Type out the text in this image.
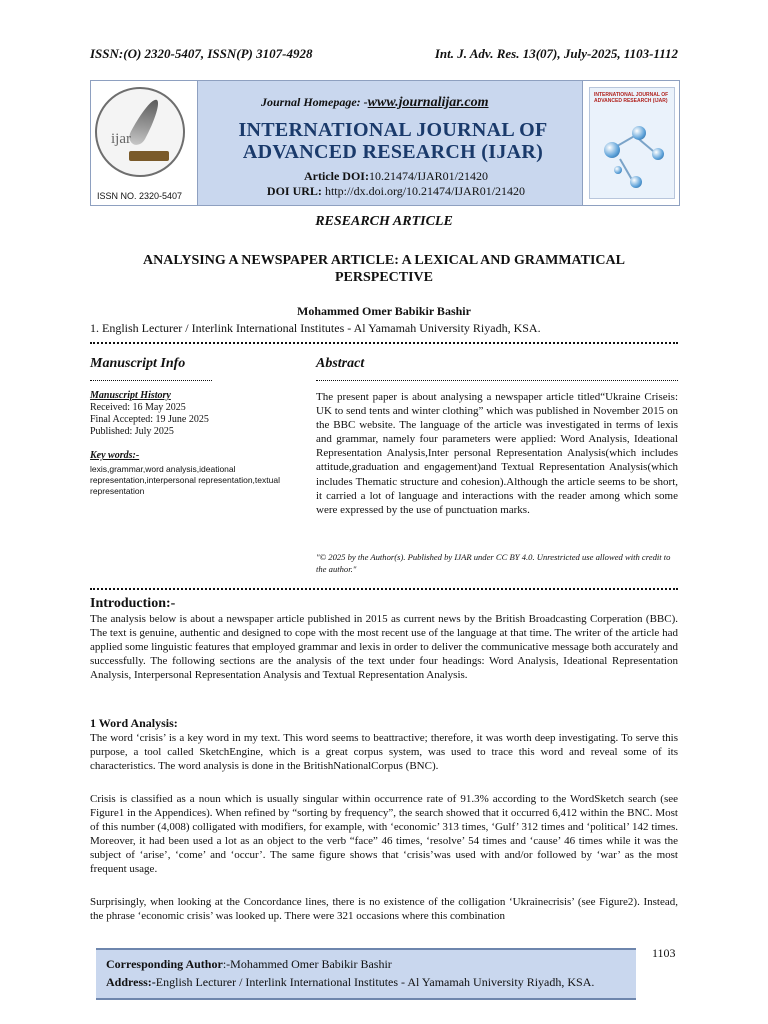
ISSN:(O) 2320-5407, ISSN(P) 3107-4928	Int. J. Adv. Res. 13(07), July-2025, 1103-1112
ijar
ISSN NO. 2320-5407
Journal Homepage: -www.journalijar.com
INTERNATIONAL JOURNAL OF ADVANCED RESEARCH (IJAR)
Article DOI:10.21474/IJAR01/21420
DOI URL: http://dx.doi.org/10.21474/IJAR01/21420
INTERNATIONAL JOURNAL OF ADVANCED RESEARCH (IJAR)
RESEARCH ARTICLE
ANALYSING A NEWSPAPER ARTICLE: A LEXICAL AND GRAMMATICAL PERSPECTIVE
Mohammed Omer Babikir Bashir
1. English Lecturer / Interlink International Institutes - Al Yamamah University Riyadh, KSA.
Manuscript Info	Abstract

Manuscript History

Received: 16 May 2025

Final Accepted: 19 June 2025

Published: July 2025

Key words:-

lexis,grammar,word analysis,ideational representation,interpersonal representation,textual representation

The present paper is about analysing a newspaper article titled“Ukraine Criseis: UK to send tents and winter clothing” which was published in November 2015 on the BBC website. The language of the article was investigated in terms of lexis and grammar, namely four parameters were applied: Word Analysis, Ideational Representation Analysis,Inter personal Representation Analysis(which includes attitude,graduation and engagement)and Textual Representation Analysis(which includes Thematic structure and cohesion).Although the article seems to be short, it carried a lot of language and interactions with the reader among which some were expressed by the use of punctuation marks.
"© 2025 by the Author(s). Published by IJAR under CC BY 4.0. Unrestricted use allowed with credit to the author."
Introduction:-
The analysis below is about a newspaper article published in 2015 as current news by the British Broadcasting Corperation (BBC). The text is genuine, authentic and designed to cope with the most recent use of the language at that time. The writer of the article had applied some linguistic features that employed grammar and lexis in order to deliver the communicative message both accurately and successfully. The following sections are the analysis of the text under four headings: Word Analysis, Ideational Representation Analysis, Interpersonal Representation Analysis and Textual Representation Analysis.
1 Word Analysis:
The word ‘crisis’ is a key word in my text. This word seems to beattractive; therefore, it was worth deep investigating. To serve this purpose, a tool called SketchEngine, which is a great corpus system, was used to trace this word and reveal some of its characteristics. The word analysis is done in the BritishNationalCorpus (BNC).
Crisis is classified as a noun which is usually singular within occurrence rate of 91.3% according to the WordSketch search (see Figure1 in the Appendices). When refined by “sorting by frequency”, the search showed that it occurred 6,412 within the BNC. Most of this number (4,008) colligated with modifiers, for example, with ‘economic’ 313 times, ‘Gulf’ 312 times and ‘political’ 142 times. Moreover, it had been used a lot as an object to the verb “face” 46 times, ‘resolve’ 54 times and ‘cause’ 46 times while it was the subject of ‘arise’, ‘come’ and ‘occur’. The same figure shows that ‘crisis’was used with and/or followed by ‘war’ as the most frequent usage.
Surprisingly, when looking at the Concordance lines, there is no existence of the colligation ‘Ukrainecrisis’ (see Figure2). Instead, the phrase ‘economic crisis’ was looked up. There were 321 occasions where this combination
Corresponding Author:-Mohammed Omer Babikir Bashir
Address:-English Lecturer / Interlink International Institutes - Al Yamamah University Riyadh, KSA.
1103
